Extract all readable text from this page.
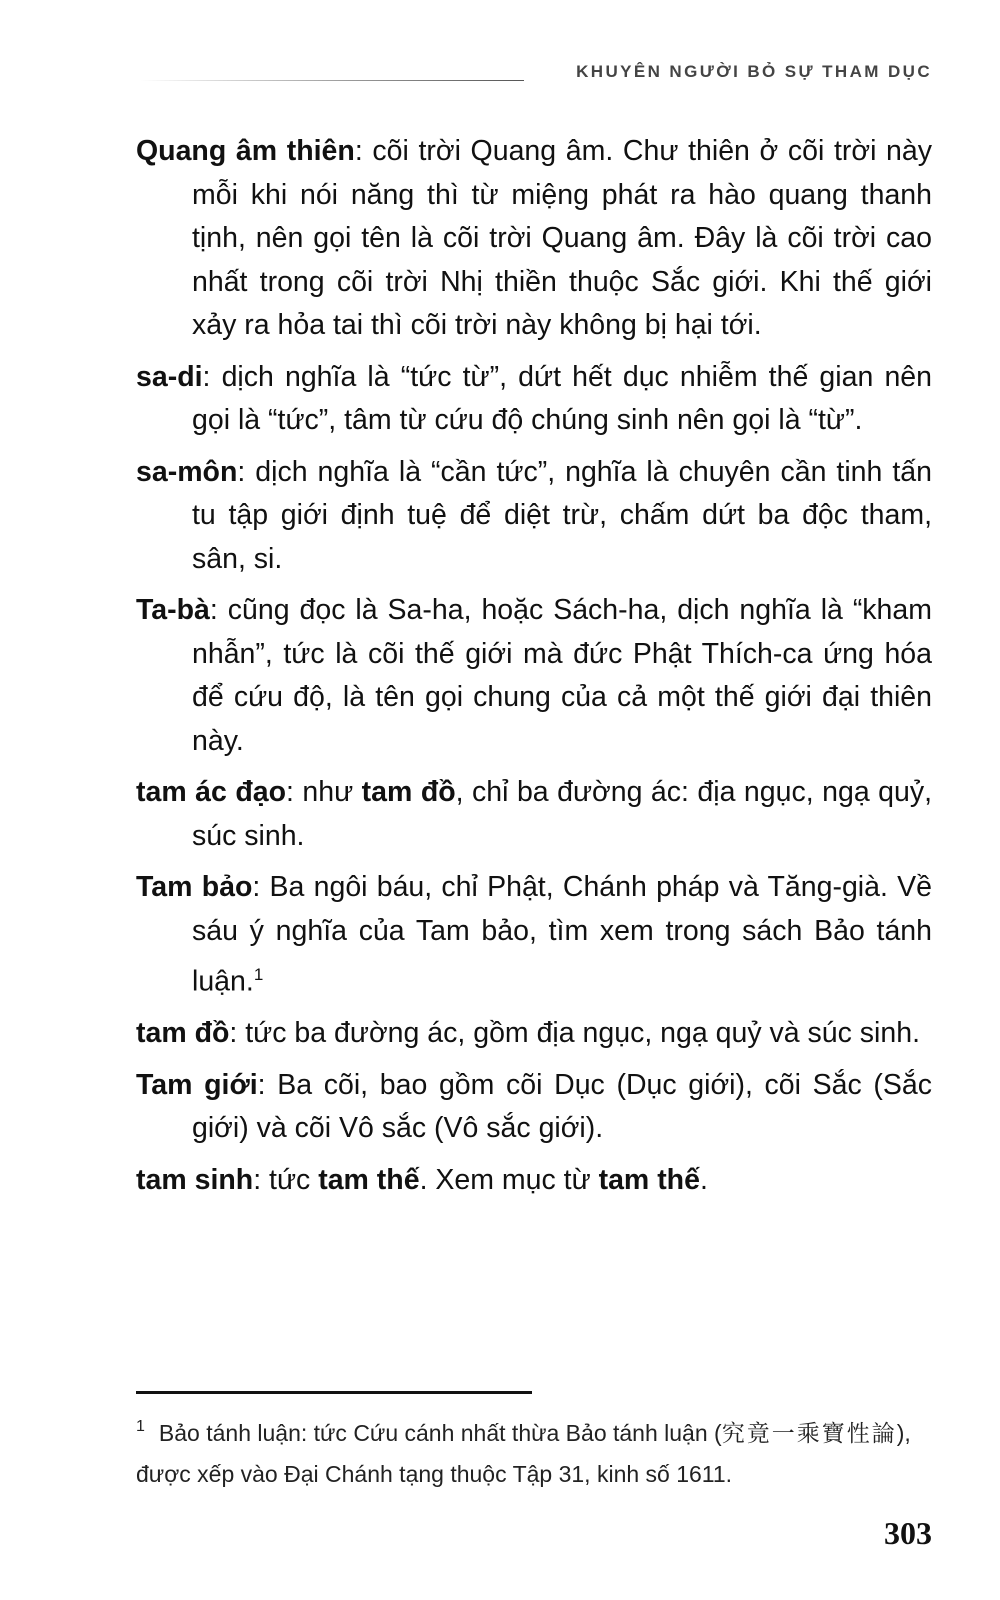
KHUYÊN NGƯỜI BỎ SỰ THAM DỤC

Quang âm thiên: cõi trời Quang âm. Chư thiên ở cõi trời này mỗi khi nói năng thì từ miệng phát ra hào quang thanh tịnh, nên gọi tên là cõi trời Quang âm. Đây là cõi trời cao nhất trong cõi trời Nhị thiền thuộc Sắc giới. Khi thế giới xảy ra hỏa tai thì cõi trời này không bị hại tới.

sa-di: dịch nghĩa là “tức từ”, dứt hết dục nhiễm thế gian nên gọi là “tức”, tâm từ cứu độ chúng sinh nên gọi là “từ”.

sa-môn: dịch nghĩa là “cần tức”, nghĩa là chuyên cần tinh tấn tu tập giới định tuệ để diệt trừ, chấm dứt ba độc tham, sân, si.

Ta-bà: cũng đọc là Sa-ha, hoặc Sách-ha, dịch nghĩa là “kham nhẫn”, tức là cõi thế giới mà đức Phật Thích-ca ứng hóa để cứu độ, là tên gọi chung của cả một thế giới đại thiên này.

tam ác đạo: như tam đồ, chỉ ba đường ác: địa ngục, ngạ quỷ, súc sinh.

Tam bảo: Ba ngôi báu, chỉ Phật, Chánh pháp và Tăng-già. Về sáu ý nghĩa của Tam bảo, tìm xem trong sách Bảo tánh luận.$^1$

tam đồ: tức ba đường ác, gồm địa ngục, ngạ quỷ và súc sinh.

Tam giới: Ba cõi, bao gồm cõi Dục (Dục giới), cõi Sắc (Sắc giới) và cõi Vô sắc (Vô sắc giới).

tam sinh: tức tam thế. Xem mục từ tam thế.

$^1$ Bảo tánh luận: tức Cứu cánh nhất thừa Bảo tánh luận (究竟一乘寶性論), được xếp vào Đại Chánh tạng thuộc Tập 31, kinh số 1611.
303
